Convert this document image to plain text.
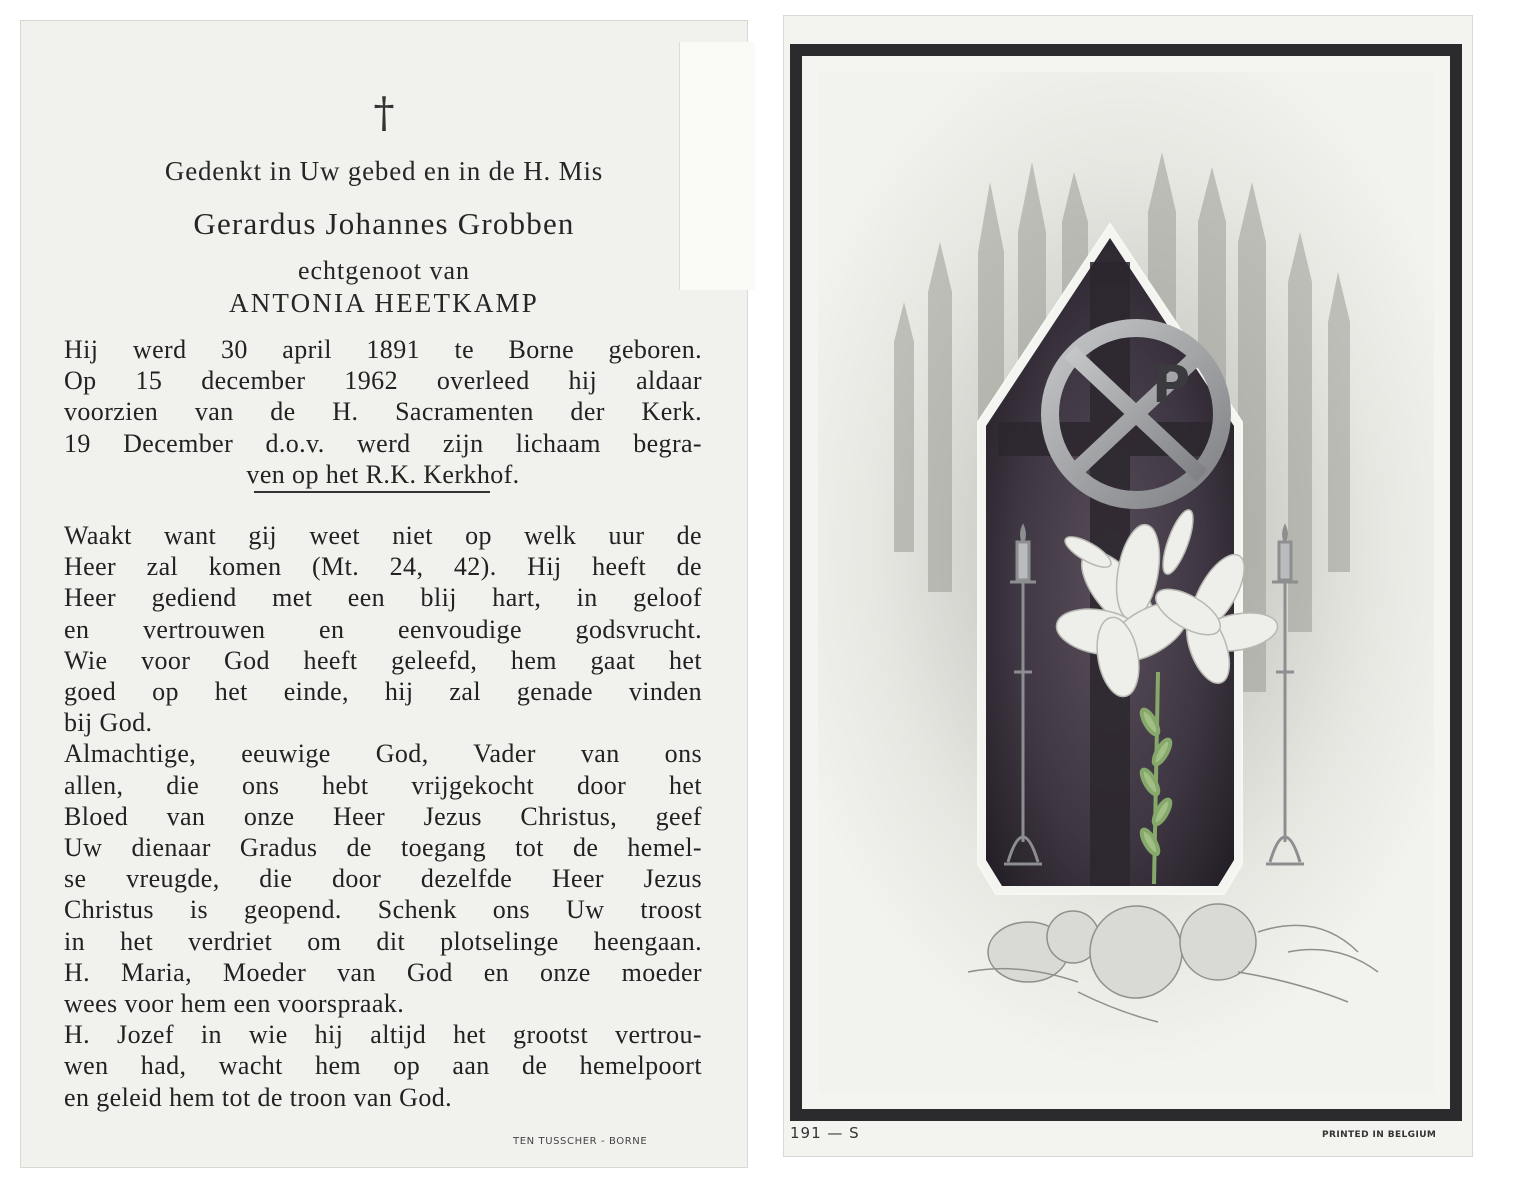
†
Gedenkt in Uw gebed en in de H. Mis
Gerardus Johannes Grobben
echtgenoot van
ANTONIA HEETKAMP

Hij werd 30 april 1891 te Borne geboren.

Op 15 december 1962 overleed hij aldaar

voorzien van de H. Sacramenten der Kerk.

19 December d.o.v. werd zijn lichaam begra-

ven op het R.K. Kerkhof.

Waakt want gij weet niet op welk uur de

Heer zal komen (Mt. 24, 42). Hij heeft de

Heer gediend met een blij hart, in geloof

en vertrouwen en eenvoudige godsvrucht.

Wie voor God heeft geleefd, hem gaat het

goed op het einde, hij zal genade vinden

bij God.

Almachtige, eeuwige God, Vader van ons

allen, die ons hebt vrijgekocht door het

Bloed van onze Heer Jezus Christus, geef

Uw dienaar Gradus de toegang tot de hemel-

se vreugde, die door dezelfde Heer Jezus

Christus is geopend. Schenk ons Uw troost

in het verdriet om dit plotselinge heengaan.

H. Maria, Moeder van God en onze moeder

wees voor hem een voorspraak.

H. Jozef in wie hij altijd het grootst vertrou-

wen had, wacht hem op aan de hemelpoort

en geleid hem tot de troon van God.

TEN TUSSCHER - BORNE
P
191 — S	PRINTED IN BELGIUM
